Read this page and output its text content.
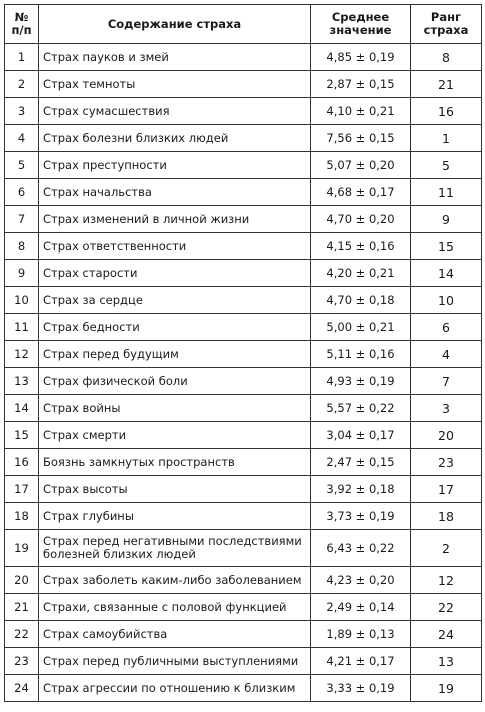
№ п/п	Содержание страха	Среднее значение	Ранг страха
1	Страх пауков и змей	4,85 ± 0,19	8
2	Страх темноты	2,87 ± 0,15	21
3	Страх сумасшествия	4,10 ± 0,21	16
4	Страх болезни близких людей	7,56 ± 0,15	1
5	Страх преступности	5,07 ± 0,20	5
6	Страх начальства	4,68 ± 0,17	11
7	Страх изменений в личной жизни	4,70 ± 0,20	9
8	Страх ответственности	4,15 ± 0,16	15
9	Страх старости	4,20 ± 0,21	14
10	Страх за сердце	4,70 ± 0,18	10
11	Страх бедности	5,00 ± 0,21	6
12	Страх перед будущим	5,11 ± 0,16	4
13	Страх физической боли	4,93 ± 0,19	7
14	Страх войны	5,57 ± 0,22	3
15	Страх смерти	3,04 ± 0,17	20
16	Боязнь замкнутых пространств	2,47 ± 0,15	23
17	Страх высоты	3,92 ± 0,18	17
18	Страх глубины	3,73 ± 0,19	18
19	Страх перед негативными последствиями болезней близких людей	6,43 ± 0,22	2
20	Страх заболеть каким-либо заболеванием	4,23 ± 0,20	12
21	Страхи, связанные с половой функцией	2,49 ± 0,14	22
22	Страх самоубийства	1,89 ± 0,13	24
23	Страх перед публичными выступлениями	4,21 ± 0,17	13
24	Страх агрессии по отношению к близким	3,33 ± 0,19	19
